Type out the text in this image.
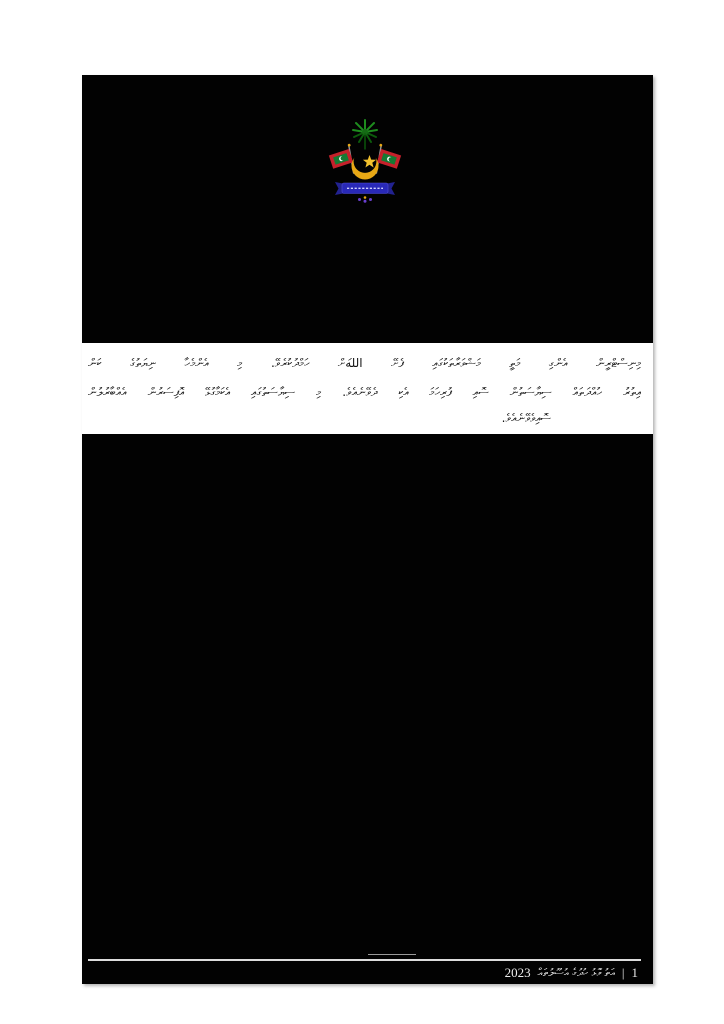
މިނިސްޓްރީން އެންގި މަތީ މަޝްވަރާތަކުގައި ފެށޭ اللهަށް ހަމްދުކުރެވޭ. މި އެންމެހާ ނިޔަތުގެ ކަން
އިތުރު ހުއްދަތައް ސިޔާސަތުން ސޮއި ފުރިހަމަ އެކި ދެވޭނެއެވެ. މި ސިޔާސަތުގައި އެކަމާގުޅޭ އޮފިސަރުން އެއްބާރުލުން
ސޮއިވެވޭނެއެވެ.
2023 އަތު ވޮޅު ހުދުގެ އުސޫލުތައް | 1
